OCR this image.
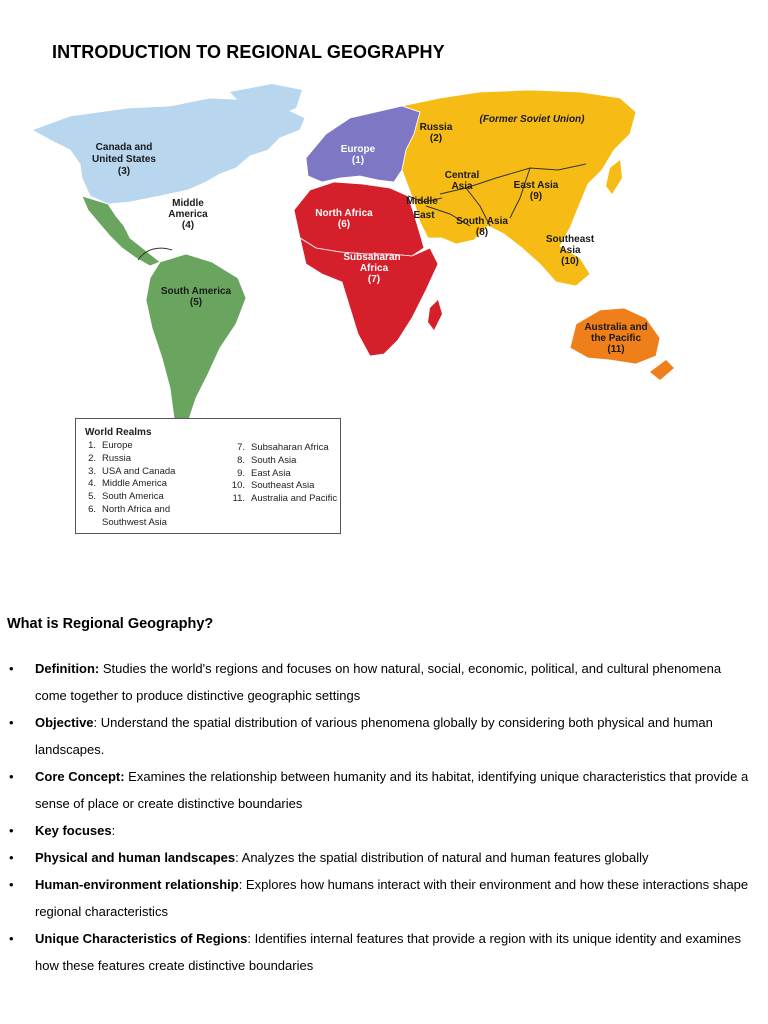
INTRODUCTION TO REGIONAL GEOGRAPHY
Canada and United States (3)
Middle America (4)
South America (5)
Europe (1)
Russia (2)
(Former Soviet Union)
Central Asia
Middle East
North Africa (6)
Subsaharan Africa (7)
East Asia (9)
South Asia (8)
Southeast Asia (10)
Australia and the Pacific (11)
World Realms
1. Europe
2. Russia
3. USA and Canada
4. Middle America
5. South America
6. North Africa and
Southwest Asia
7. Subsaharan Africa
8. South Asia
9. East Asia
10. Southeast Asia
11. Australia and Pacific
What is Regional Geography?
• Definition: Studies the world's regions and focuses on how natural, social, economic, political, and cultural phenomena come together to produce distinctive geographic settings
• Objective: Understand the spatial distribution of various phenomena globally by considering both physical and human landscapes.
• Core Concept: Examines the relationship between humanity and its habitat, identifying unique characteristics that provide a sense of place or create distinctive boundaries
• Key focuses:
• Physical and human landscapes: Analyzes the spatial distribution of natural and human features globally
• Human-environment relationship: Explores how humans interact with their environment and how these interactions shape regional characteristics
• Unique Characteristics of Regions: Identifies internal features that provide a region with its unique identity and examines how these features create distinctive boundaries
